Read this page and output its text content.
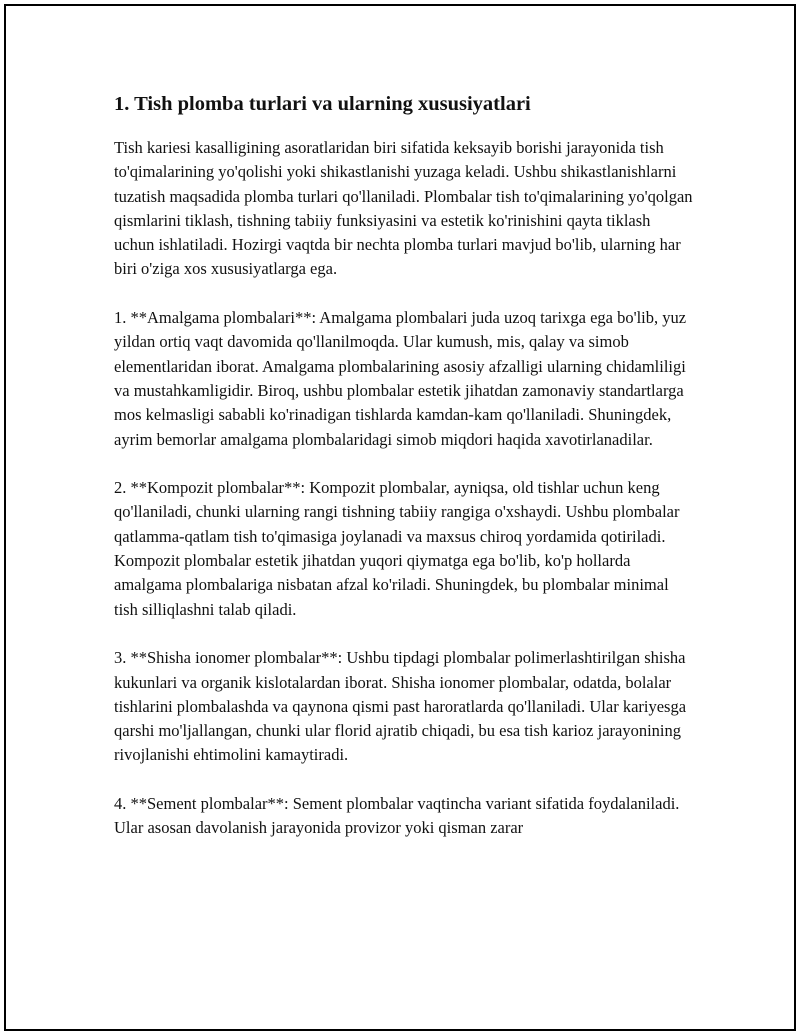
1. Tish plomba turlari va ularning xususiyatlari

Tish kariesi kasalligining asoratlaridan biri sifatida keksayib borishi jarayonida tish to'qimalarining yo'qolishi yoki shikastlanishi yuzaga keladi. Ushbu shikastlanishlarni tuzatish maqsadida plomba turlari qo'llaniladi. Plombalar tish to'qimalarining yo'qolgan qismlarini tiklash, tishning tabiiy funksiyasini va estetik ko'rinishini qayta tiklash uchun ishlatiladi. Hozirgi vaqtda bir nechta plomba turlari mavjud bo'lib, ularning har biri o'ziga xos xususiyatlarga ega.

1. **Amalgama plombalari**: Amalgama plombalari juda uzoq tarixga ega bo'lib, yuz yildan ortiq vaqt davomida qo'llanilmoqda. Ular kumush, mis, qalay va simob elementlaridan iborat. Amalgama plombalarining asosiy afzalligi ularning chidamliligi va mustahkamligidir. Biroq, ushbu plombalar estetik jihatdan zamonaviy standartlarga mos kelmasligi sababli ko'rinadigan tishlarda kamdan-kam qo'llaniladi. Shuningdek, ayrim bemorlar amalgama plombalaridagi simob miqdori haqida xavotirlanadilar.

2. **Kompozit plombalar**: Kompozit plombalar, ayniqsa, old tishlar uchun keng qo'llaniladi, chunki ularning rangi tishning tabiiy rangiga o'xshaydi. Ushbu plombalar qatlamma-qatlam tish to'qimasiga joylanadi va maxsus chiroq yordamida qotiriladi. Kompozit plombalar estetik jihatdan yuqori qiymatga ega bo'lib, ko'p hollarda amalgama plombalariga nisbatan afzal ko'riladi. Shuningdek, bu plombalar minimal tish silliqlashni talab qiladi.

3. **Shisha ionomer plombalar**: Ushbu tipdagi plombalar polimerlashtirilgan shisha kukunlari va organik kislotalardan iborat. Shisha ionomer plombalar, odatda, bolalar tishlarini plombalashda va qaynona qismi past haroratlarda qo'llaniladi. Ular kariyesga qarshi mo'ljallangan, chunki ular florid ajratib chiqadi, bu esa tish karioz jarayonining rivojlanishi ehtimolini kamaytiradi.

4. **Sement plombalar**: Sement plombalar vaqtincha variant sifatida foydalaniladi. Ular asosan davolanish jarayonida provizor yoki qisman zarar
